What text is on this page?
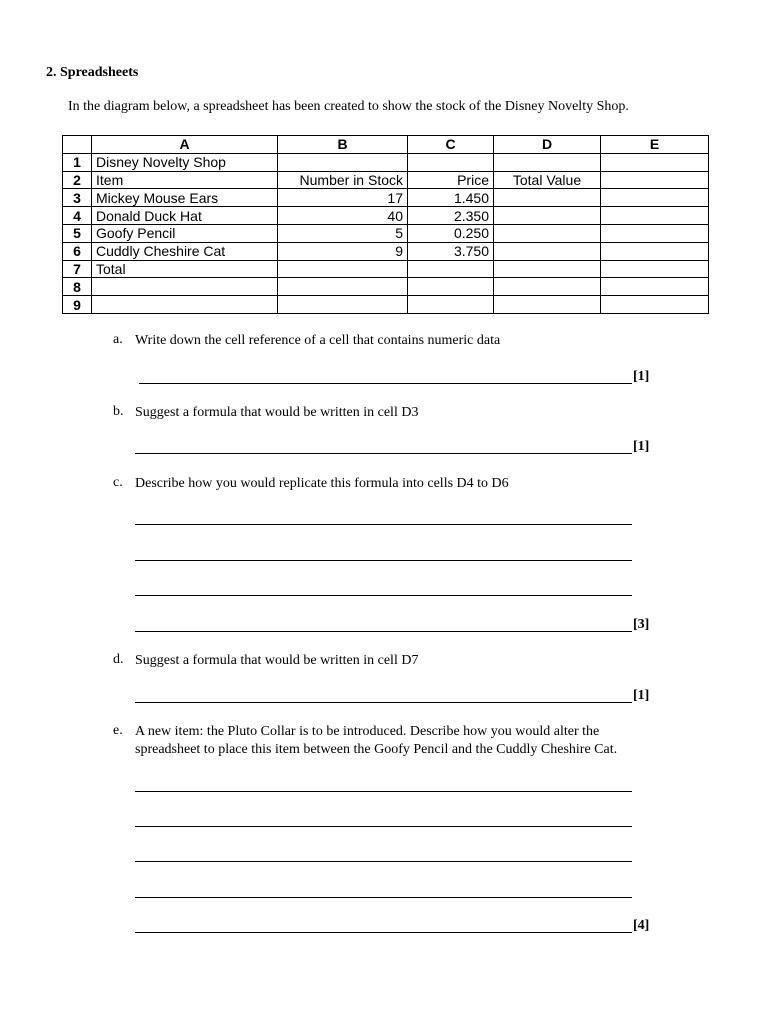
2. Spreadsheets
In the diagram below, a spreadsheet has been created to show the stock of the Disney Novelty Shop.
	A	B	C	D	E
1	Disney Novelty Shop				
2	Item	Number in Stock	Price	Total Value	
3	Mickey Mouse Ears	17	1.450		
4	Donald Duck Hat	40	2.350		
5	Goofy Pencil	5	0.250		
6	Cuddly Cheshire Cat	9	3.750		
7	Total				
8					
9					
a. Write down the cell reference of a cell that contains numeric data
[1]
b. Suggest a formula that would be written in cell D3
[1]
c. Describe how you would replicate this formula into cells D4 to D6
[3]
d. Suggest a formula that would be written in cell D7
[1]
e. A new item: the Pluto Collar is to be introduced. Describe how you would alter the
spreadsheet to place this item between the Goofy Pencil and the Cuddly Cheshire Cat.
[4]
